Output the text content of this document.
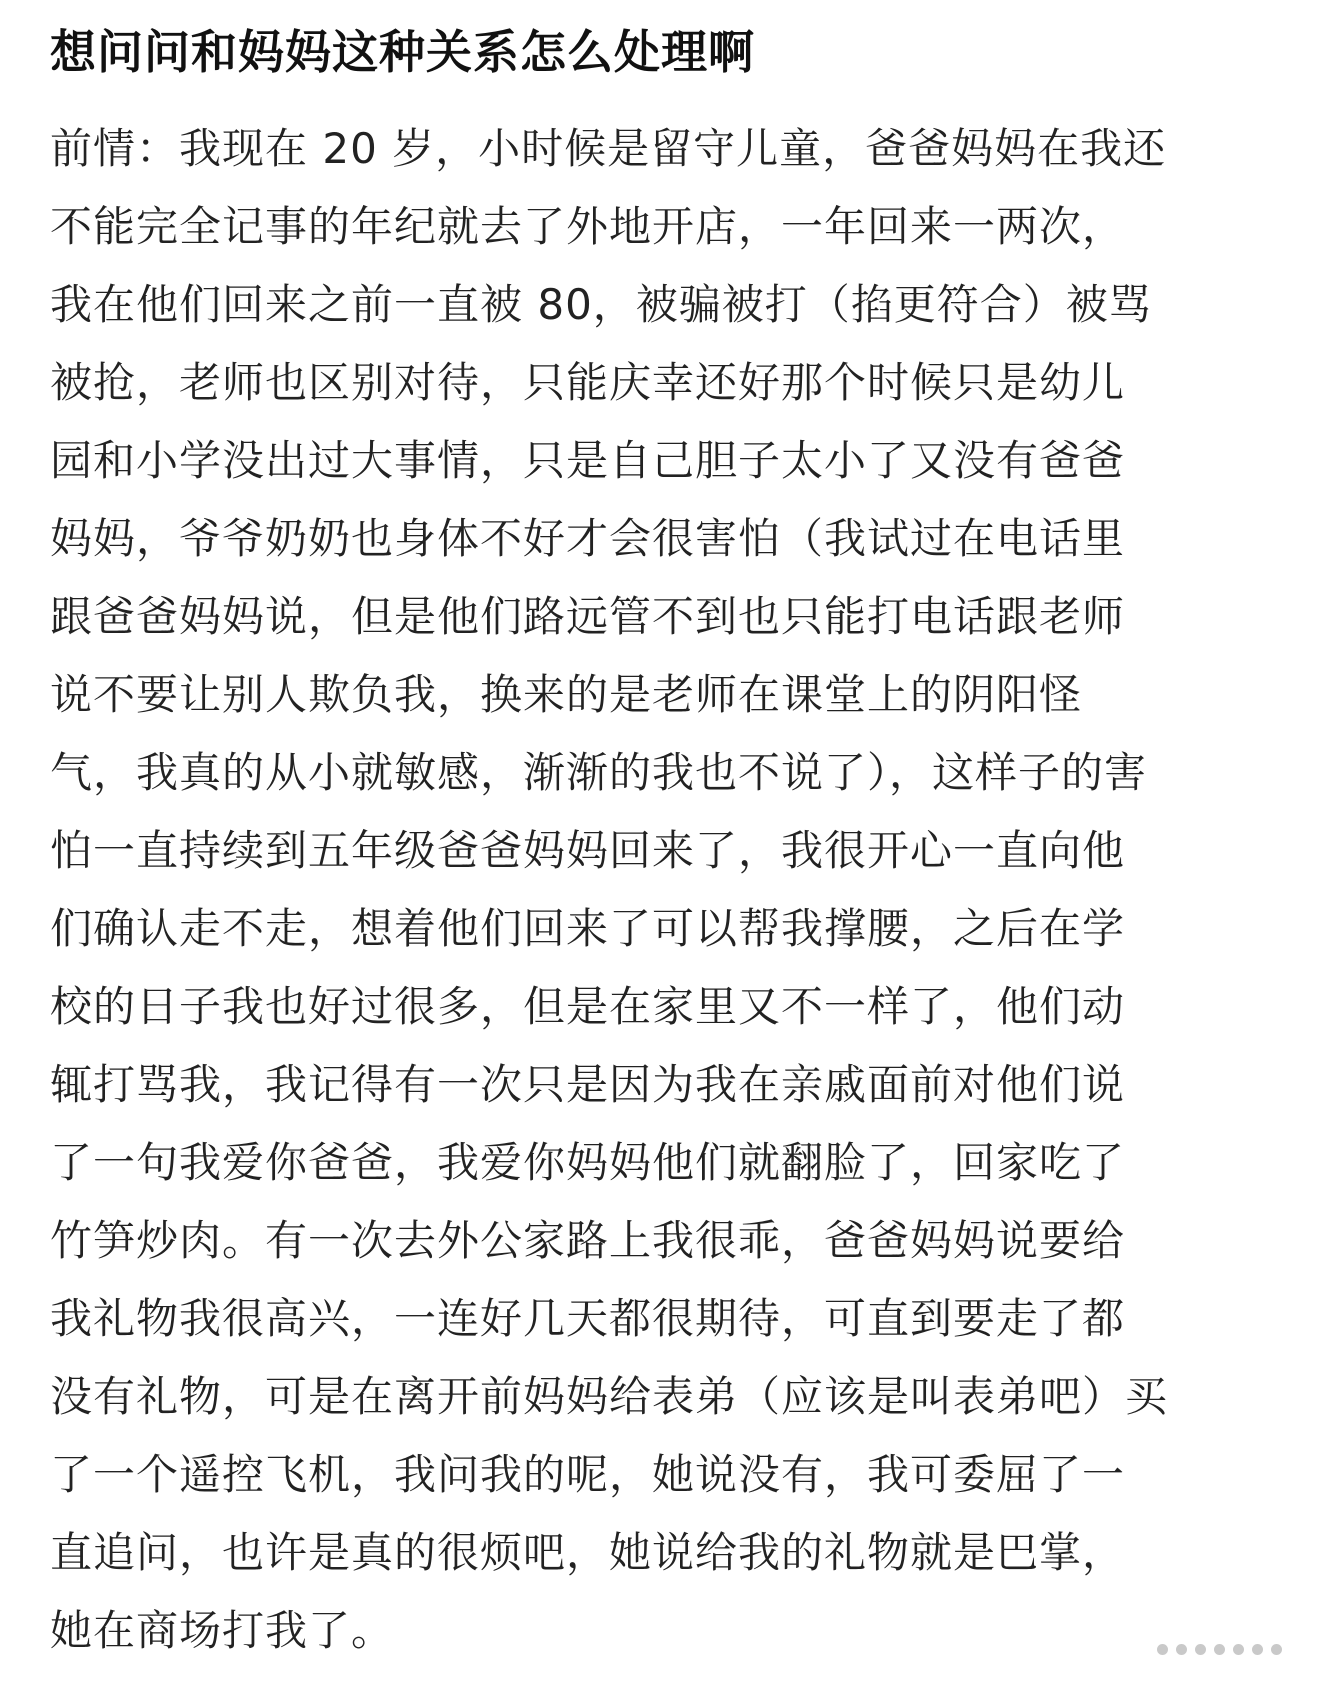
想问问和妈妈这种关系怎么处理啊
前情：我现在 20 岁，小时候是留守儿童，爸爸妈妈在我还
不能完全记事的年纪就去了外地开店，一年回来一两次，
我在他们回来之前一直被 80，被骗被打（掐更符合）被骂
被抢，老师也区别对待，只能庆幸还好那个时候只是幼儿
园和小学没出过大事情，只是自己胆子太小了又没有爸爸
妈妈，爷爷奶奶也身体不好才会很害怕（我试过在电话里
跟爸爸妈妈说，但是他们路远管不到也只能打电话跟老师
说不要让别人欺负我，换来的是老师在课堂上的阴阳怪
气，我真的从小就敏感，渐渐的我也不说了），这样子的害
怕一直持续到五年级爸爸妈妈回来了，我很开心一直向他
们确认走不走，想着他们回来了可以帮我撑腰，之后在学
校的日子我也好过很多，但是在家里又不一样了，他们动
辄打骂我，我记得有一次只是因为我在亲戚面前对他们说
了一句我爱你爸爸，我爱你妈妈他们就翻脸了，回家吃了
竹笋炒肉。有一次去外公家路上我很乖，爸爸妈妈说要给
我礼物我很高兴，一连好几天都很期待，可直到要走了都
没有礼物，可是在离开前妈妈给表弟（应该是叫表弟吧）买
了一个遥控飞机，我问我的呢，她说没有，我可委屈了一
直追问，也许是真的很烦吧，她说给我的礼物就是巴掌，
她在商场打我了。
